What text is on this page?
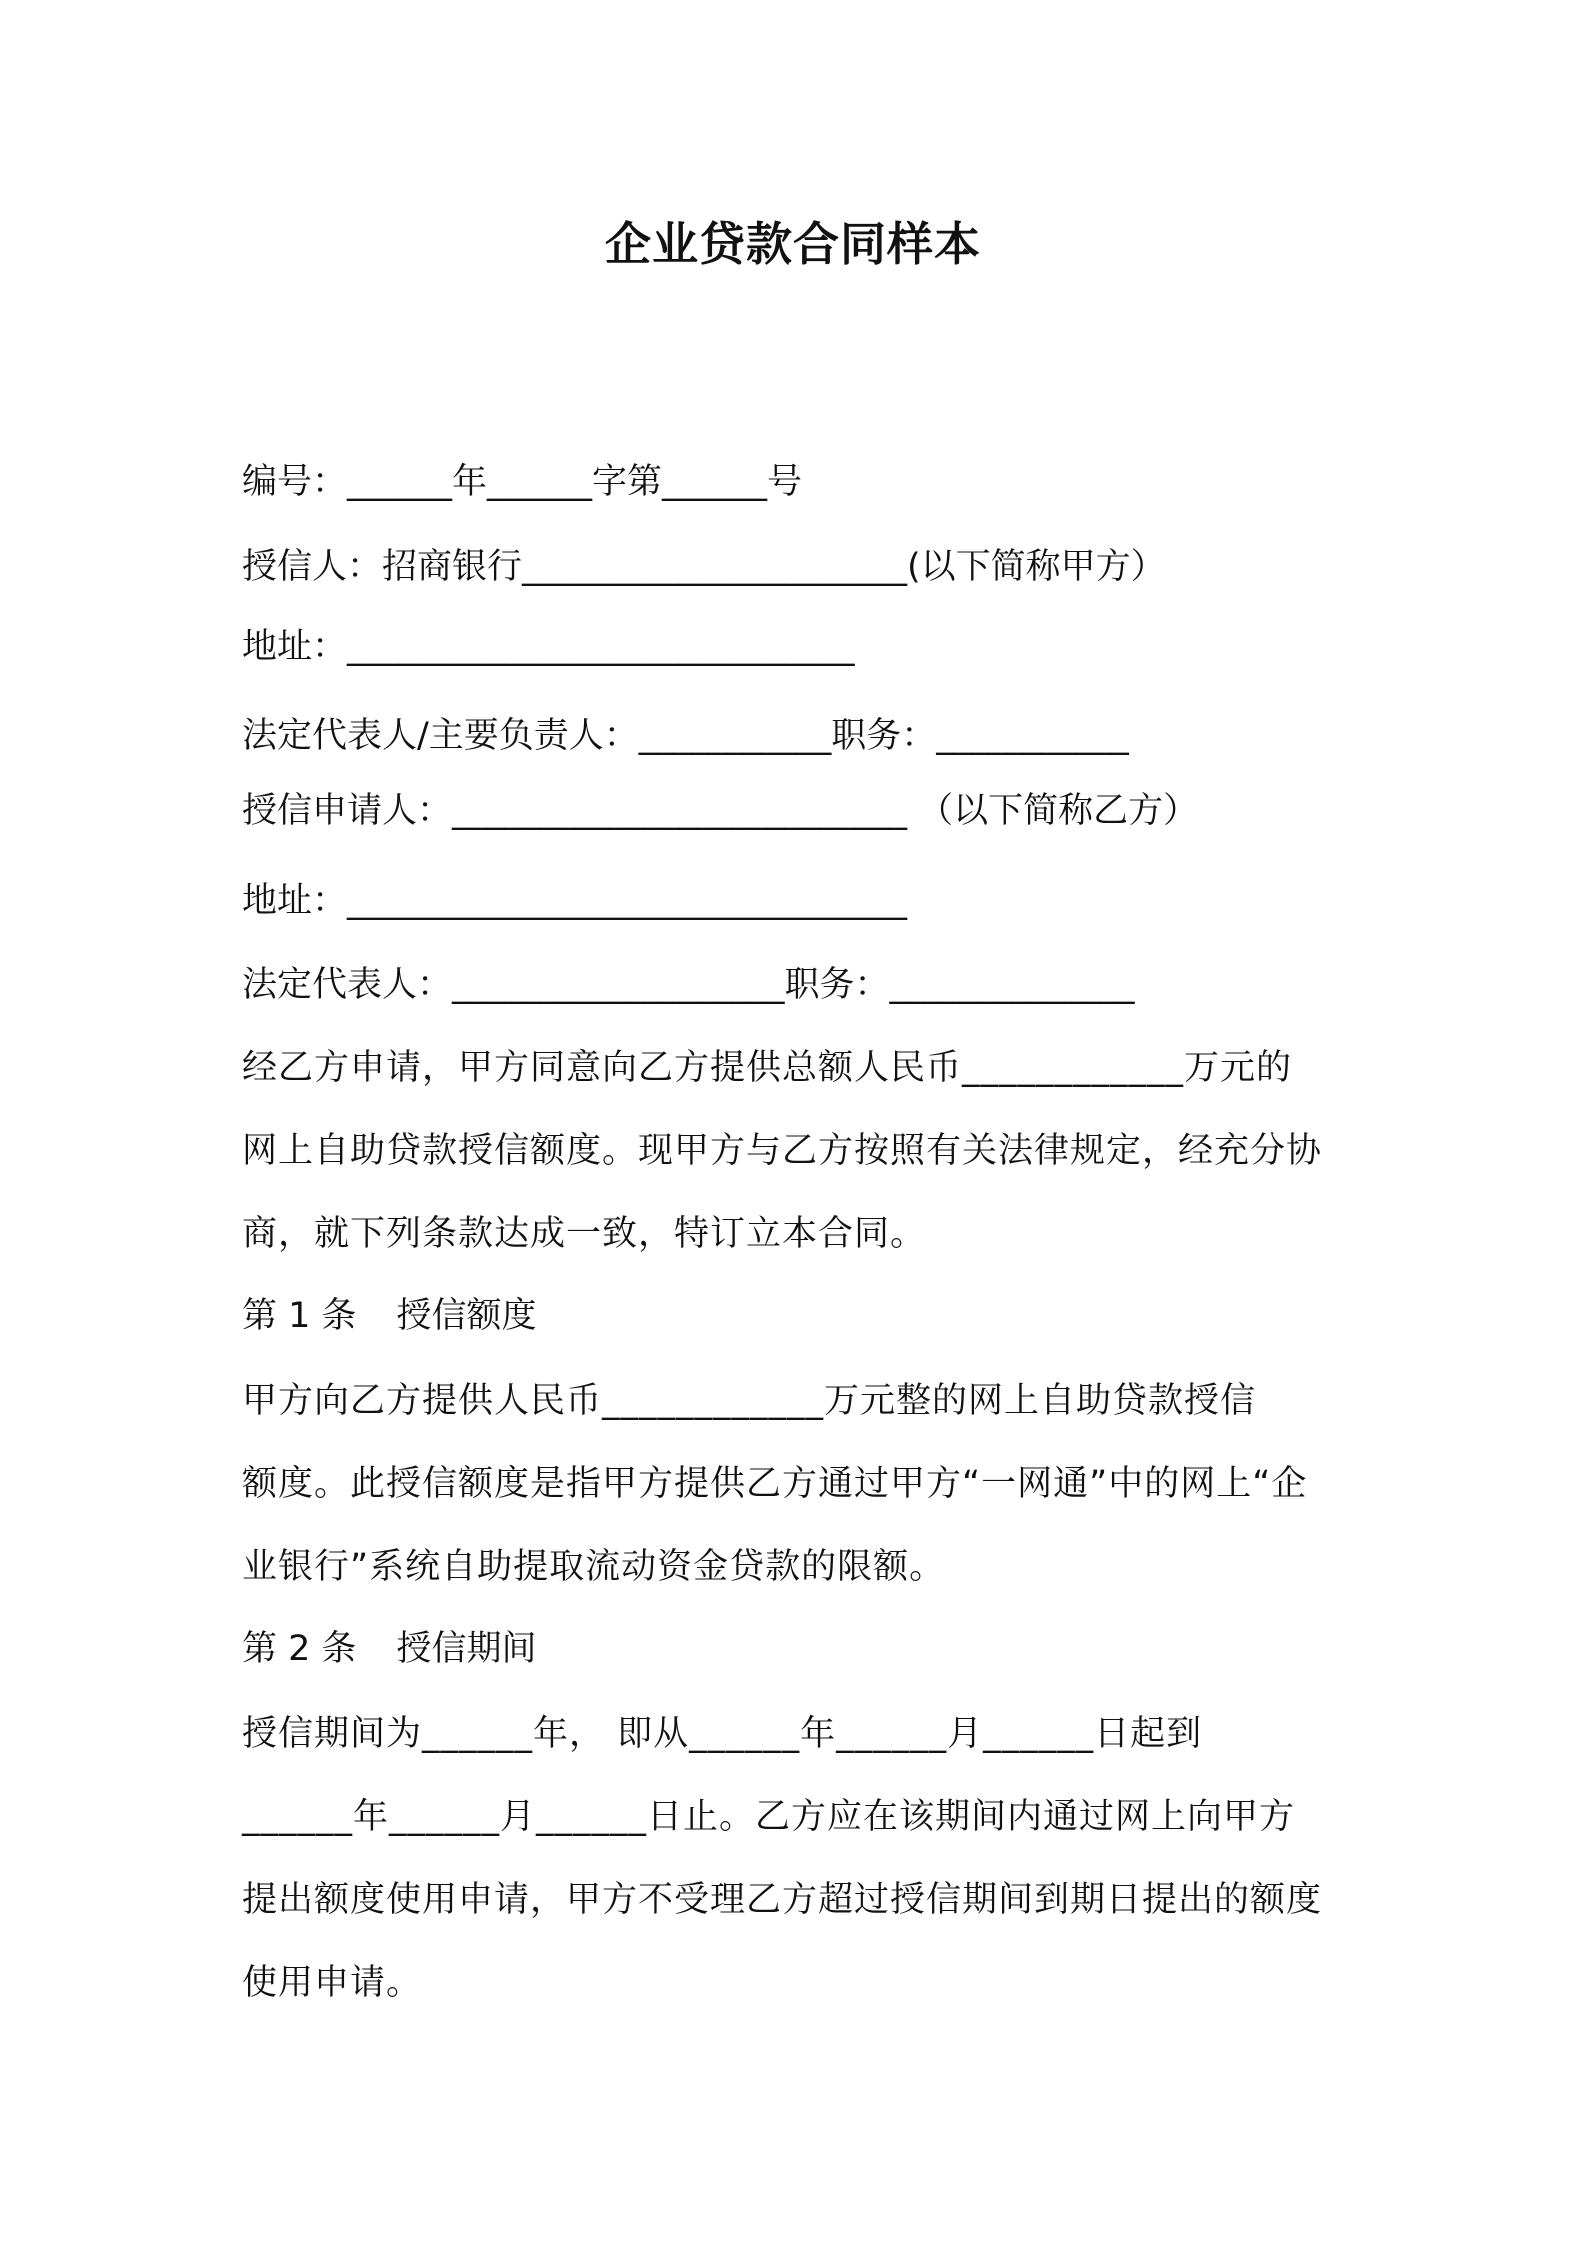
企业贷款合同样本
编号：______年______字第______号
授信人：招商银行______________________(以下简称甲方）
地址：_____________________________
法定代表人/主要负责人：___________职务：___________
授信申请人：__________________________ （以下简称乙方）
地址：________________________________
法定代表人：___________________职务：______________
经乙方申请，甲方同意向乙方提供总额人民币____________万元的
网上自助贷款授信额度。现甲方与乙方按照有关法律规定，经充分协
商，就下列条款达成一致，特订立本合同。
第 1 条 授信额度
甲方向乙方提供人民币____________万元整的网上自助贷款授信
额度。此授信额度是指甲方提供乙方通过甲方“一网通”中的网上“企
业银行”系统自助提取流动资金贷款的限额。
第 2 条 授信期间
授信期间为______年， 即从______年______月______日起到
______年______月______日止。乙方应在该期间内通过网上向甲方
提出额度使用申请，甲方不受理乙方超过授信期间到期日提出的额度
使用申请。
